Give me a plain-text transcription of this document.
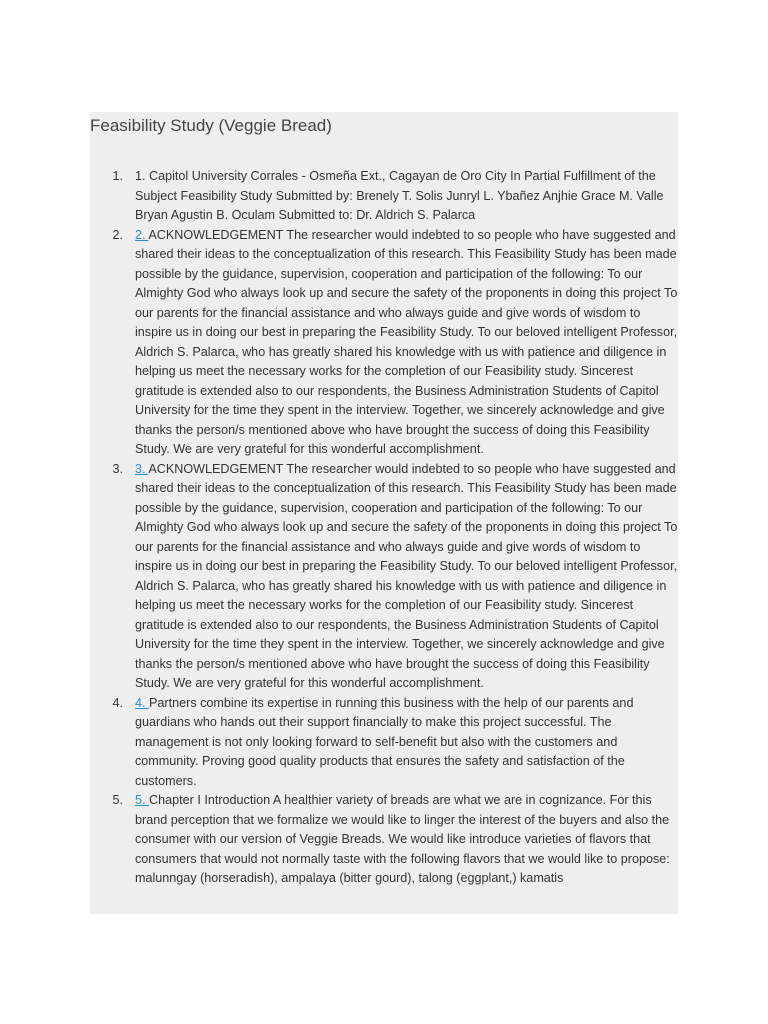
Feasibility Study (Veggie Bread)
1. 1. Capitol University Corrales - Osmeña Ext., Cagayan de Oro City In Partial Fulfillment of the Subject Feasibility Study Submitted by: Brenely T. Solis Junryl L. Ybañez Anjhie Grace M. Valle Bryan Agustin B. Oculam Submitted to: Dr. Aldrich S. Palarca
2. 2. ACKNOWLEDGEMENT The researcher would indebted to so people who have suggested and shared their ideas to the conceptualization of this research. This Feasibility Study has been made possible by the guidance, supervision, cooperation and participation of the following: To our Almighty God who always look up and secure the safety of the proponents in doing this project To our parents for the financial assistance and who always guide and give words of wisdom to inspire us in doing our best in preparing the Feasibility Study. To our beloved intelligent Professor, Aldrich S. Palarca, who has greatly shared his knowledge with us with patience and diligence in helping us meet the necessary works for the completion of our Feasibility study. Sincerest gratitude is extended also to our respondents, the Business Administration Students of Capitol University for the time they spent in the interview. Together, we sincerely acknowledge and give thanks the person/s mentioned above who have brought the success of doing this Feasibility Study. We are very grateful for this wonderful accomplishment.
3. 3. ACKNOWLEDGEMENT The researcher would indebted to so people who have suggested and shared their ideas to the conceptualization of this research. This Feasibility Study has been made possible by the guidance, supervision, cooperation and participation of the following: To our Almighty God who always look up and secure the safety of the proponents in doing this project To our parents for the financial assistance and who always guide and give words of wisdom to inspire us in doing our best in preparing the Feasibility Study. To our beloved intelligent Professor, Aldrich S. Palarca, who has greatly shared his knowledge with us with patience and diligence in helping us meet the necessary works for the completion of our Feasibility study. Sincerest gratitude is extended also to our respondents, the Business Administration Students of Capitol University for the time they spent in the interview. Together, we sincerely acknowledge and give thanks the person/s mentioned above who have brought the success of doing this Feasibility Study. We are very grateful for this wonderful accomplishment.
4. 4. Partners combine its expertise in running this business with the help of our parents and guardians who hands out their support financially to make this project successful. The management is not only looking forward to self-benefit but also with the customers and community. Proving good quality products that ensures the safety and satisfaction of the customers.
5. 5. Chapter I Introduction A healthier variety of breads are what we are in cognizance. For this brand perception that we formalize we would like to linger the interest of the buyers and also the consumer with our version of Veggie Breads. We would like introduce varieties of flavors that consumers that would not normally taste with the following flavors that we would like to propose: malunngay (horseradish), ampalaya (bitter gourd), talong (eggplant,) kamatis
